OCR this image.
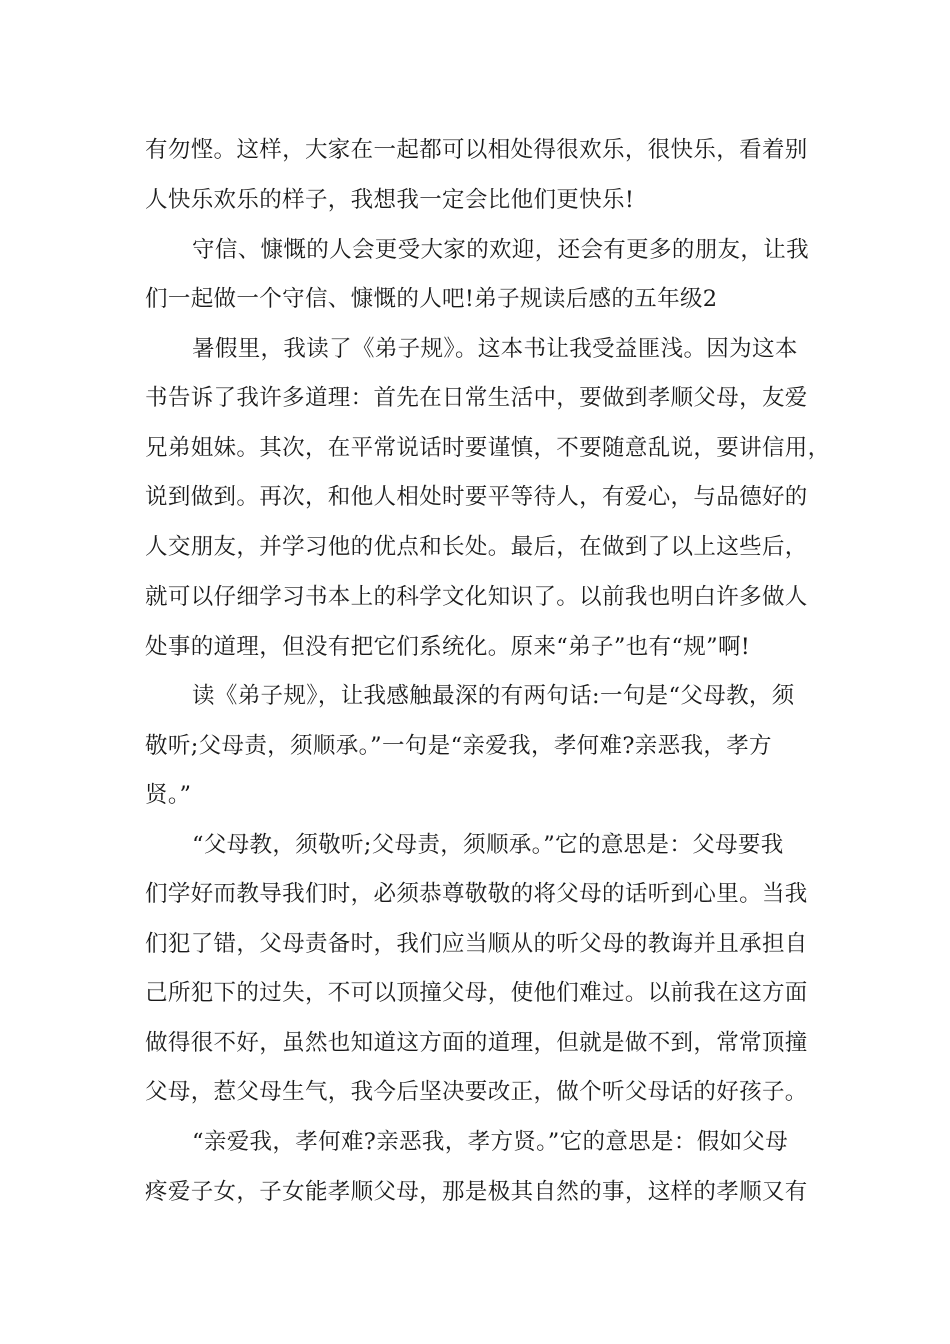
有勿悭。这样，大家在一起都可以相处得很欢乐，很快乐，看着别
人快乐欢乐的样子，我想我一定会比他们更快乐!
守信、慷慨的人会更受大家的欢迎，还会有更多的朋友，让我
们一起做一个守信、慷慨的人吧!弟子规读后感的五年级2
暑假里，我读了《弟子规》。这本书让我受益匪浅。因为这本
书告诉了我许多道理：首先在日常生活中，要做到孝顺父母，友爱
兄弟姐妹。其次，在平常说话时要谨慎，不要随意乱说，要讲信用，
说到做到。再次，和他人相处时要平等待人，有爱心，与品德好的
人交朋友，并学习他的优点和长处。最后，在做到了以上这些后，
就可以仔细学习书本上的科学文化知识了。以前我也明白许多做人
处事的道理，但没有把它们系统化。原来“弟子”也有“规”啊!
读《弟子规》，让我感触最深的有两句话:一句是“父母教，须
敬听;父母责，须顺承。”一句是“亲爱我，孝何难?亲恶我，孝方
贤。”
“父母教，须敬听;父母责，须顺承。”它的意思是：父母要我
们学好而教导我们时，必须恭尊敬敬的将父母的话听到心里。当我
们犯了错，父母责备时，我们应当顺从的听父母的教诲并且承担自
己所犯下的过失，不可以顶撞父母，使他们难过。以前我在这方面
做得很不好，虽然也知道这方面的道理，但就是做不到，常常顶撞
父母，惹父母生气，我今后坚决要改正，做个听父母话的好孩子。
“亲爱我，孝何难?亲恶我，孝方贤。”它的意思是：假如父母
疼爱子女，子女能孝顺父母，那是极其自然的事，这样的孝顺又有
